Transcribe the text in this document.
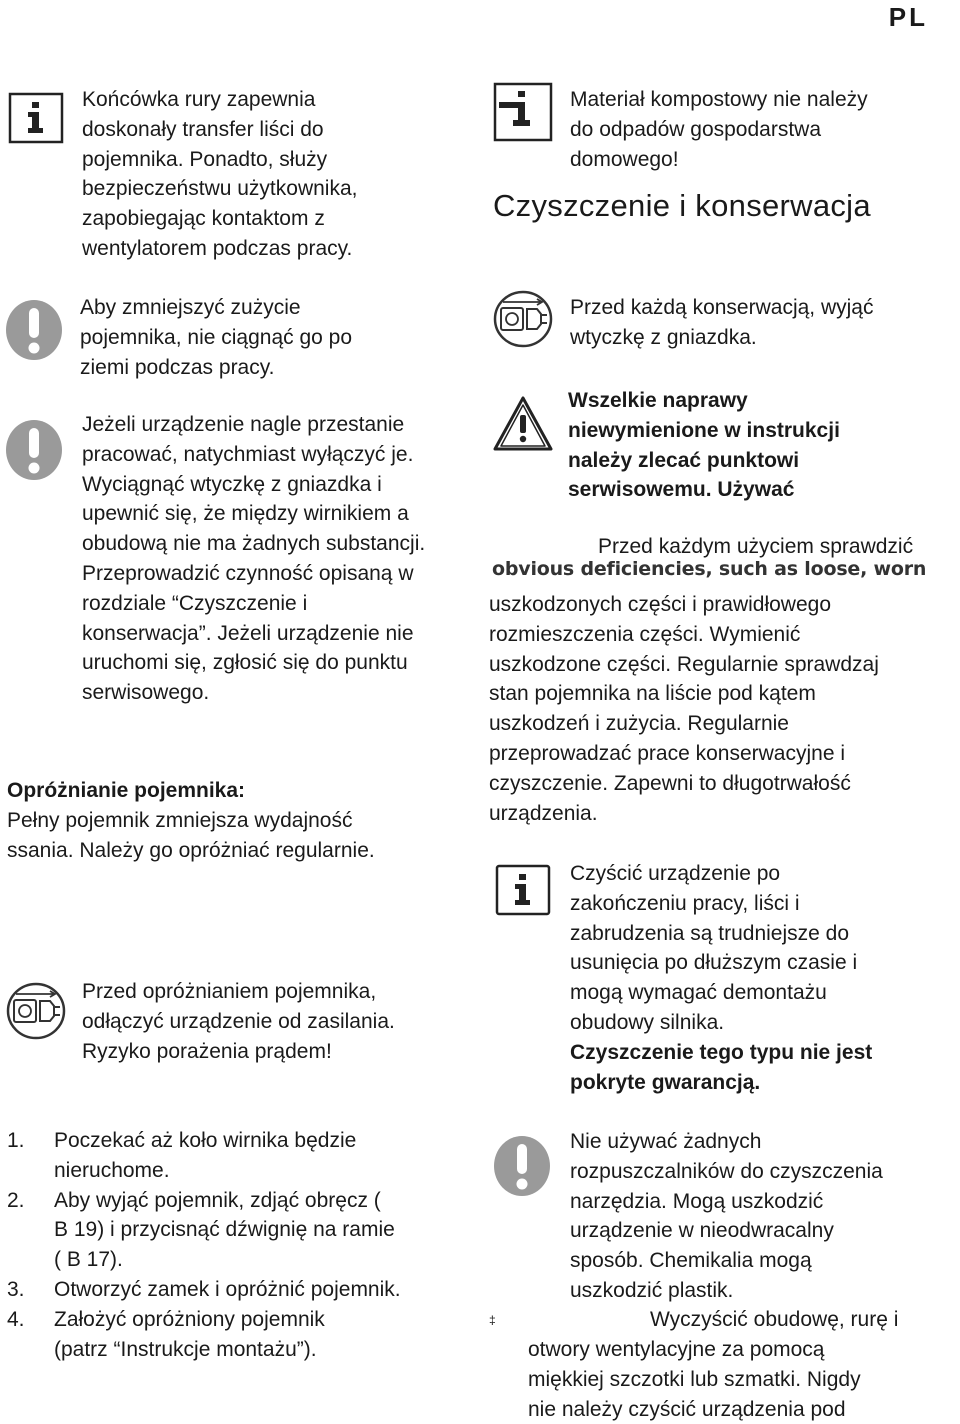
PL
Końcówka rury zapewnia
doskonały transfer liści do
pojemnika. Ponadto, służy
bezpieczeństwu użytkownika,
zapobiegając kontaktom z
wentylatorem podczas pracy.
Aby zmniejszyć zużycie
pojemnika, nie ciągnąć go po
ziemi podczas pracy.
Jeżeli urządzenie nagle przestanie
pracować, natychmiast wyłączyć je.
Wyciągnąć wtyczkę z gniazdka i
upewnić się, że między wirnikiem a
obudową nie ma żadnych substancji.
Przeprowadzić czynność opisaną w
rozdziale “Czyszczenie i
konserwacja”. Jeżeli urządzenie nie
uruchomi się, zgłosić się do punktu
serwisowego.
Opróżnianie pojemnika:
Pełny pojemnik zmniejsza wydajność
ssania. Należy go opróżniać regularnie.
Przed opróżnianiem pojemnika,
odłączyć urządzenie od zasilania.
Ryzyko porażenia prądem!
1. Poczekać aż koło wirnika będzie
nieruchome.
2. Aby wyjąć pojemnik, zdjąć obręcz (
B 19) i przycisnąć dźwignię na ramie
( B 17).
3. Otworzyć zamek i opróżnić pojemnik.
4. Założyć opróżniony pojemnik
(patrz “Instrukcje montażu”).
Materiał kompostowy nie należy
do odpadów gospodarstwa
domowego!
Czyszczenie i konserwacja
Przed każdą konserwacją, wyjąć
wtyczkę z gniazdka.
Wszelkie naprawy
niewymienione w instrukcji
należy zlecać punktowi
serwisowemu. Używać
Przed każdym użyciem sprawdzić
obvious deficiencies, such as loose, worn
uszkodzonych części i prawidłowego
rozmieszczenia części. Wymienić
uszkodzone części. Regularnie sprawdzaj
stan pojemnika na liście pod kątem
uszkodzeń i zużycia. Regularnie
przeprowadzać prace konserwacyjne i
czyszczenie. Zapewni to długotrwałość
urządzenia.
Czyścić urządzenie po
zakończeniu pracy, liści i
zabrudzenia są trudniejsze do
usunięcia po dłuższym czasie i
mogą wymagać demontażu
obudowy silnika.
Czyszczenie tego typu nie jest
pokryte gwarancją.
Nie używać żadnych
rozpuszczalników do czyszczenia
narzędzia. Mogą uszkodzić
urządzenie w nieodwracalny
sposób. Chemikalia mogą
uszkodzić plastik.
‡	Wyczyścić obudowę, rurę i
otwory wentylacyjne za pomocą
miękkiej szczotki lub szmatki. Nigdy
nie należy czyścić urządzenia pod
